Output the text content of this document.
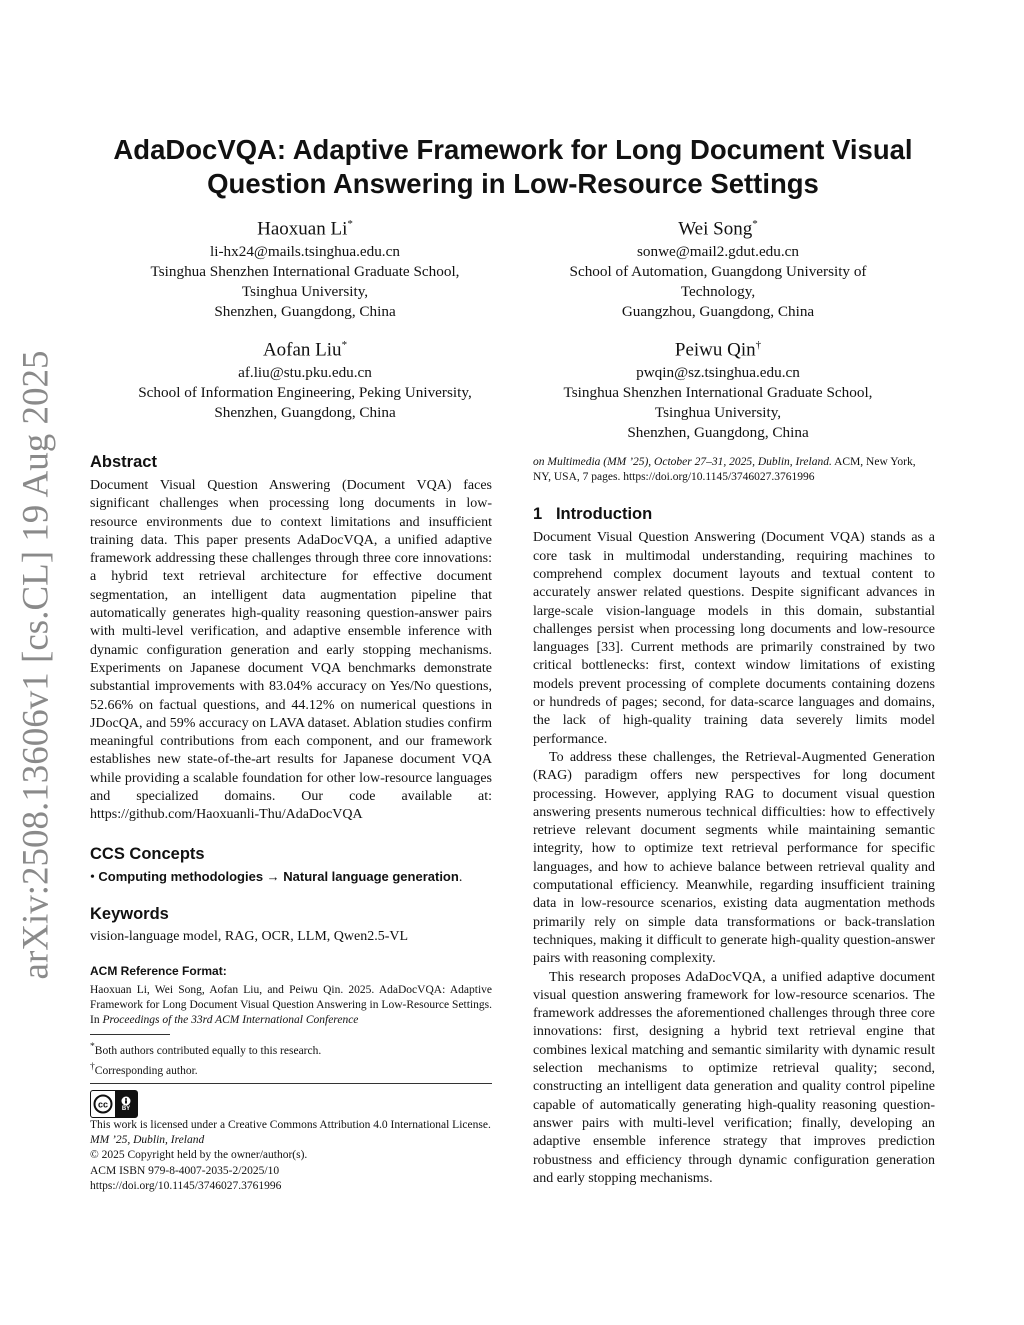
arXiv:2508.13606v1 [cs.CL] 19 Aug 2025
AdaDocVQA: Adaptive Framework for Long Document Visual Question Answering in Low-Resource Settings
Haoxuan Li*
li-hx24@mails.tsinghua.edu.cn
Tsinghua Shenzhen International Graduate School,
Tsinghua University,
Shenzhen, Guangdong, China
Wei Song*
sonwe@mail2.gdut.edu.cn
School of Automation, Guangdong University of
Technology,
Guangzhou, Guangdong, China
Aofan Liu*
af.liu@stu.pku.edu.cn
School of Information Engineering, Peking University,
Shenzhen, Guangdong, China
Peiwu Qin†
pwqin@sz.tsinghua.edu.cn
Tsinghua Shenzhen International Graduate School,
Tsinghua University,
Shenzhen, Guangdong, China
Abstract

Document Visual Question Answering (Document VQA) faces significant challenges when processing long documents in low-resource environments due to context limitations and insufficient training data. This paper presents AdaDocVQA, a unified adaptive framework addressing these challenges through three core innovations: a hybrid text retrieval architecture for effective document segmentation, an intelligent data augmentation pipeline that automatically generates high-quality reasoning question-answer pairs with multi-level verification, and adaptive ensemble inference with dynamic configuration generation and early stopping mechanisms. Experiments on Japanese document VQA benchmarks demonstrate substantial improvements with 83.04% accuracy on Yes/No questions, 52.66% on factual questions, and 44.12% on numerical questions in JDocQA, and 59% accuracy on LAVA dataset. Ablation studies confirm meaningful contributions from each component, and our framework establishes new state-of-the-art results for Japanese document VQA while providing a scalable foundation for other low-resource languages and specialized domains. Our code available at: https://github.com/Haoxuanli-Thu/AdaDocVQA

CCS Concepts

• Computing methodologies → Natural language generation.

Keywords

vision-language model, RAG, OCR, LLM, Qwen2.5-VL

ACM Reference Format:

Haoxuan Li, Wei Song, Aofan Liu, and Peiwu Qin. 2025. AdaDocVQA: Adaptive Framework for Long Document Visual Question Answering in Low-Resource Settings. In Proceedings of the 33rd ACM International Conference

*Both authors contributed equally to this research.
†Corresponding author.
cc BY
This work is licensed under a Creative Commons Attribution 4.0 International License.
MM ’25, Dublin, Ireland
© 2025 Copyright held by the owner/author(s).
ACM ISBN 979-8-4007-2035-2/2025/10
https://doi.org/10.1145/3746027.3761996

on Multimedia (MM ’25), October 27–31, 2025, Dublin, Ireland. ACM, New York, NY, USA, 7 pages. https://doi.org/10.1145/3746027.3761996

1 Introduction

Document Visual Question Answering (Document VQA) stands as a core task in multimodal understanding, requiring machines to comprehend complex document layouts and textual content to accurately answer related questions. Despite significant advances in large-scale vision-language models in this domain, substantial challenges persist when processing long documents and low-resource languages [33]. Current methods are primarily constrained by two critical bottlenecks: first, context window limitations of existing models prevent processing of complete documents containing dozens or hundreds of pages; second, for data-scarce languages and domains, the lack of high-quality training data severely limits model performance.

To address these challenges, the Retrieval-Augmented Generation (RAG) paradigm offers new perspectives for long document processing. However, applying RAG to document visual question answering presents numerous technical difficulties: how to effectively retrieve relevant document segments while maintaining semantic integrity, how to optimize text retrieval performance for specific languages, and how to achieve balance between retrieval quality and computational efficiency. Meanwhile, regarding insufficient training data in low-resource scenarios, existing data augmentation methods primarily rely on simple data transformations or back-translation techniques, making it difficult to generate high-quality question-answer pairs with reasoning complexity.

This research proposes AdaDocVQA, a unified adaptive document visual question answering framework for low-resource scenarios. The framework addresses the aforementioned challenges through three core innovations: first, designing a hybrid text retrieval engine that combines lexical matching and semantic similarity with dynamic result selection mechanisms to optimize retrieval quality; second, constructing an intelligent data generation and quality control pipeline capable of automatically generating high-quality reasoning question-answer pairs with multi-level verification; finally, developing an adaptive ensemble inference strategy that improves prediction robustness and efficiency through dynamic configuration generation and early stopping mechanisms.
